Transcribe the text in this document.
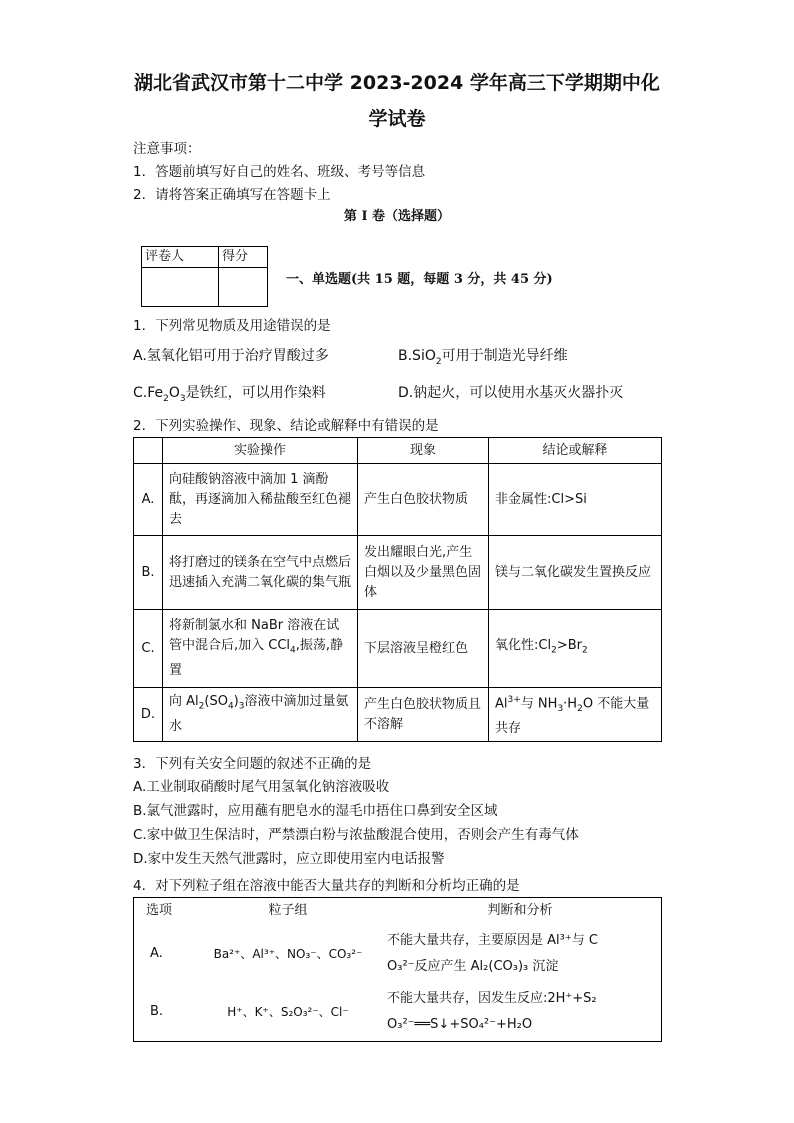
湖北省武汉市第十二中学 2023-2024 学年高三下学期期中化
学试卷
注意事项：
1．答题前填写好自己的姓名、班级、考号等信息
2．请将答案正确填写在答题卡上
第 I 卷（选择题）
评卷人	得分

一、单选题(共 15 题，每题 3 分，共 45 分)
1．下列常见物质及用途错误的是
A.氢氧化铝可用于治疗胃酸过多	B.SiO$_2$可用于制造光导纤维
$C.Fe_2O_3$是铁红，可以用作染料	D.钠起火，可以使用水基灭火器扑灭
2．下列实验操作、现象、结论或解释中有错误的是
	实验操作	现象	结论或解释
A.	向硅酸钠溶液中滴加 1 滴酚酞，再逐滴加入稀盐酸至红色褪去	产生白色胶状物质	非金属性:Cl>Si
B.	将打磨过的镁条在空气中点燃后迅速插入充满二氧化碳的集气瓶	发出耀眼白光,产生白烟以及少量黑色固体	镁与二氧化碳发生置换反应
C.	将新制氯水和 NaBr 溶液在试管中混合后,加入 CCl$_4$,振荡,静置	下层溶液呈橙红色	氧化性$:Cl_2>Br_2$
D.	向 $Al_2(SO_4)_3$溶液中滴加过量氨水	产生白色胶状物质且不溶解	$Al^{3+}$与 $NH_3\cdot H_2O$ 不能大量共存
3．下列有关安全问题的叙述不正确的是
A.工业制取硝酸时尾气用氢氧化钠溶液吸收
B.氯气泄露时，应用蘸有肥皂水的湿毛巾捂住口鼻到安全区域
C.家中做卫生保洁时，严禁漂白粉与浓盐酸混合使用，否则会产生有毒气体
D.家中发生天然气泄露时，应立即使用室内电话报警
4．对下列粒子组在溶液中能否大量共存的判断和分析均正确的是
选项	粒子组	判断和分析
A.	Ba²⁺、Al³⁺、NO₃⁻、CO₃²⁻	不能大量共存，主要原因是 Al³⁺与 C
O₃²⁻反应产生 Al₂(CO₃)₃ 沉淀

B.	H⁺、K⁺、S₂O₃²⁻、Cl⁻	不能大量共存，因发生反应:2H⁺+S₂
O₃²⁻══S↓+SO₄²⁻+H₂O
